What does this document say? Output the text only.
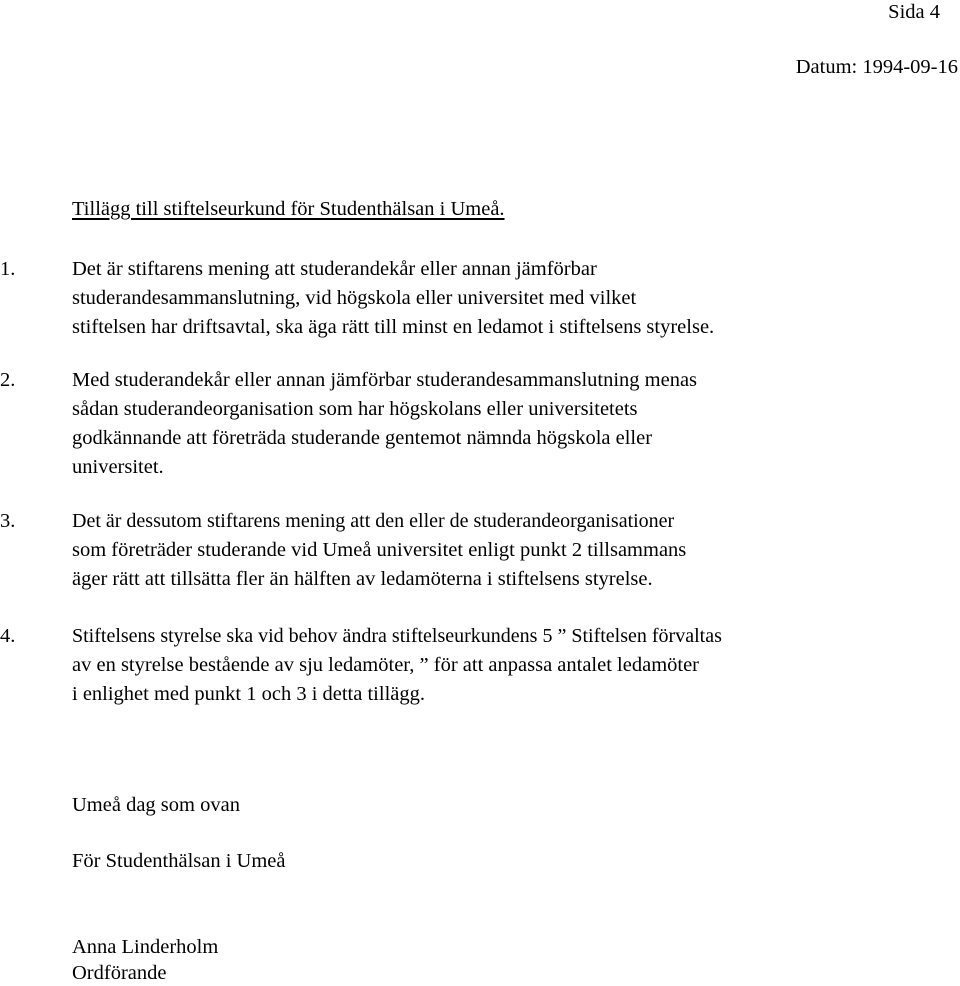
Sida 4
Datum: 1994-09-16
Tillägg till stiftelseurkund för Studenthälsan i Umeå.
1.	Det är stiftarens mening att studerandekår eller annan jämförbar
studerandesammanslutning, vid högskola eller universitet med vilket
stiftelsen har driftsavtal, ska äga rätt till minst en ledamot i stiftelsens styrelse.
2.	Med studerandekår eller annan jämförbar studerandesammanslutning menas
sådan studerandeorganisation som har högskolans eller universitetets
godkännande att företräda studerande gentemot nämnda högskola eller
universitet.
3.	Det är dessutom stiftarens mening att den eller de studerandeorganisationer
som företräder studerande vid Umeå universitet enligt punkt 2 tillsammans
äger rätt att tillsätta fler än hälften av ledamöterna i stiftelsens styrelse.
4.	Stiftelsens styrelse ska vid behov ändra stiftelseurkundens 5 ” Stiftelsen förvaltas
av en styrelse bestående av sju ledamöter, ” för att anpassa antalet ledamöter
i enlighet med punkt 1 och 3 i detta tillägg.
Umeå dag som ovan
För Studenthälsan i Umeå
Anna Linderholm
Ordförande
